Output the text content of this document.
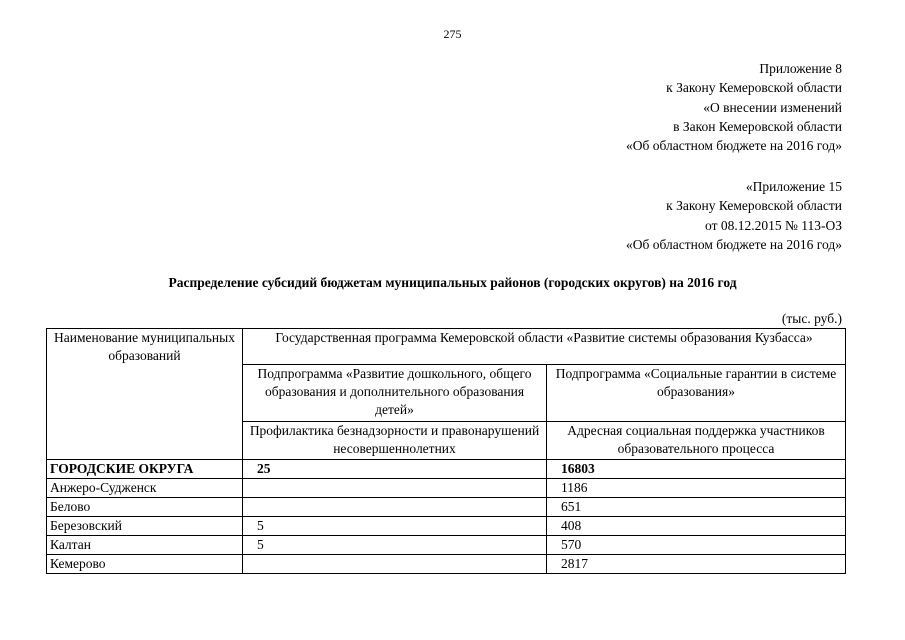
275
Приложение 8
к Закону Кемеровской области
«О внесении изменений
в Закон Кемеровской области
«Об областном бюджете на 2016 год»
«Приложение 15
к Закону Кемеровской области
от 08.12.2015 № 113-ОЗ
«Об областном бюджете на 2016 год»
Распределение субсидий бюджетам муниципальных районов (городских округов) на 2016 год
(тыс. руб.)
Наименование муниципальных образований	Государственная программа Кемеровской области «Развитие системы образования Кузбасса»	
	Подпрограмма «Развитие дошкольного, общего образования и дополнительного образования детей»	Подпрограмма «Социальные гарантии в системе образования»
	Профилактика безнадзорности и правонарушений несовершеннолетних	Адресная социальная поддержка участников образовательного процесса
ГОРОДСКИЕ ОКРУГА	25	16803
Анжеро-Судженск		1186
Белово		651
Березовский	5	408
Калтан	5	570
Кемерово		2817
